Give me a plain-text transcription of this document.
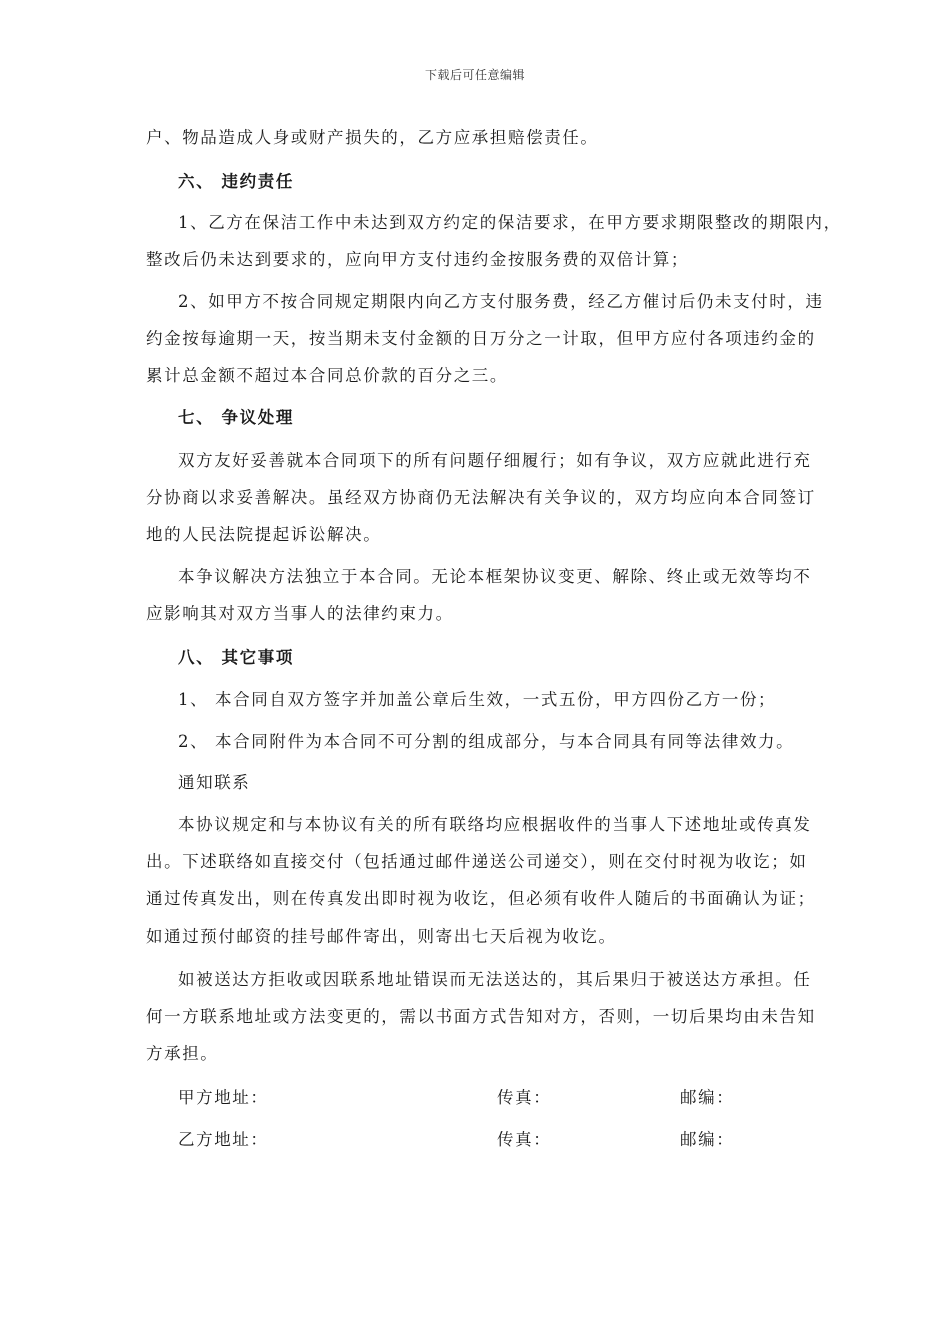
下载后可任意编辑
户、物品造成人身或财产损失的，乙方应承担赔偿责任。
六、 违约责任
1、乙方在保洁工作中未达到双方约定的保洁要求，在甲方要求期限整改的期限内，
整改后仍未达到要求的，应向甲方支付违约金按服务费的双倍计算；
2、如甲方不按合同规定期限内向乙方支付服务费，经乙方催讨后仍未支付时，违
约金按每逾期一天，按当期未支付金额的日万分之一计取，但甲方应付各项违约金的
累计总金额不超过本合同总价款的百分之三。
七、 争议处理
双方友好妥善就本合同项下的所有问题仔细履行；如有争议，双方应就此进行充
分协商以求妥善解决。虽经双方协商仍无法解决有关争议的，双方均应向本合同签订
地的人民法院提起诉讼解决。
本争议解决方法独立于本合同。无论本框架协议变更、解除、终止或无效等均不
应影响其对双方当事人的法律约束力。
八、 其它事项
1、 本合同自双方签字并加盖公章后生效，一式五份，甲方四份乙方一份；
2、 本合同附件为本合同不可分割的组成部分，与本合同具有同等法律效力。
通知联系
本协议规定和与本协议有关的所有联络均应根据收件的当事人下述地址或传真发
出。下述联络如直接交付（包括通过邮件递送公司递交），则在交付时视为收讫；如
通过传真发出，则在传真发出即时视为收讫，但必须有收件人随后的书面确认为证；
如通过预付邮资的挂号邮件寄出，则寄出七天后视为收讫。
如被送达方拒收或因联系地址错误而无法送达的，其后果归于被送达方承担。任
何一方联系地址或方法变更的，需以书面方式告知对方，否则，一切后果均由未告知
方承担。
甲方地址：	传真：	邮编：
乙方地址：	传真：	邮编：
